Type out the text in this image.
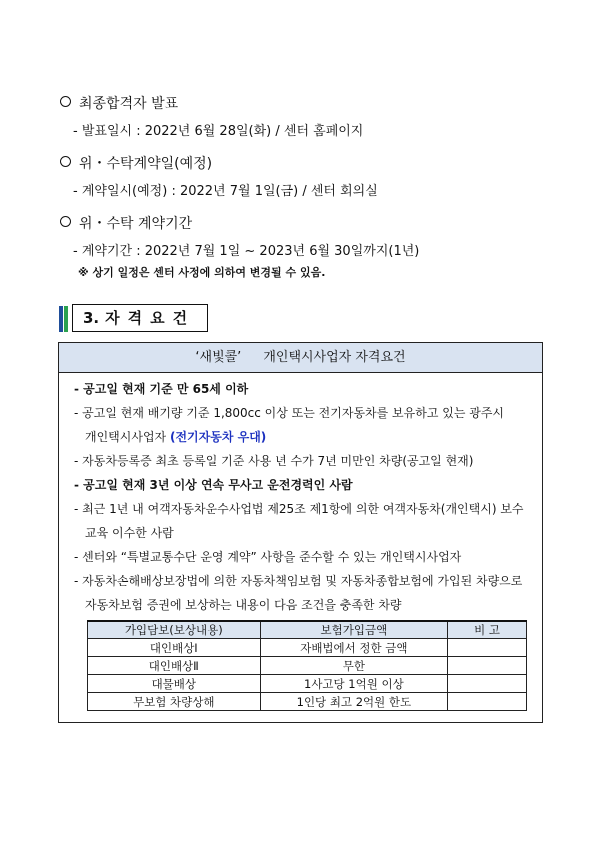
최종합격자 발표
- 발표일시 : 2022년 6월 28일(화) / 센터 홈페이지
위・수탁계약일(예정)
- 계약일시(예정) : 2022년 7월 1일(금) / 센터 회의실
위・수탁 계약기간
- 계약기간 : 2022년 7월 1일 ~ 2023년 6월 30일까지(1년)
※ 상기 일정은 센터 사정에 의하여 변경될 수 있음.
3. 자격요건
‘새빛콜’ 개인택시사업자 자격요건
- 공고일 현재 기준 만 65세 이하
- 공고일 현재 배기량 기준 1,800cc 이상 또는 전기자동차를 보유하고 있는 광주시
개인택시사업자 (전기자동차 우대)
- 자동차등록증 최초 등록일 기준 사용 년 수가 7년 미만인 차량(공고일 현재)
- 공고일 현재 3년 이상 연속 무사고 운전경력인 사람
- 최근 1년 내 여객자동차운수사업법 제25조 제1항에 의한 여객자동차(개인택시) 보수
교육 이수한 사람
- 센터와 “특별교통수단 운영 계약” 사항을 준수할 수 있는 개인택시사업자
- 자동차손해배상보장법에 의한 자동차책임보험 및 자동차종합보험에 가입된 차량으로
자동차보험 증권에 보상하는 내용이 다음 조건을 충족한 차량
가입담보(보상내용)	보험가입금액	비 고
대인배상Ⅰ	자배법에서 정한 금액	
대인배상Ⅱ	무한	
대물배상	1사고당 1억원 이상	
무보험 차량상해	1인당 최고 2억원 한도	
